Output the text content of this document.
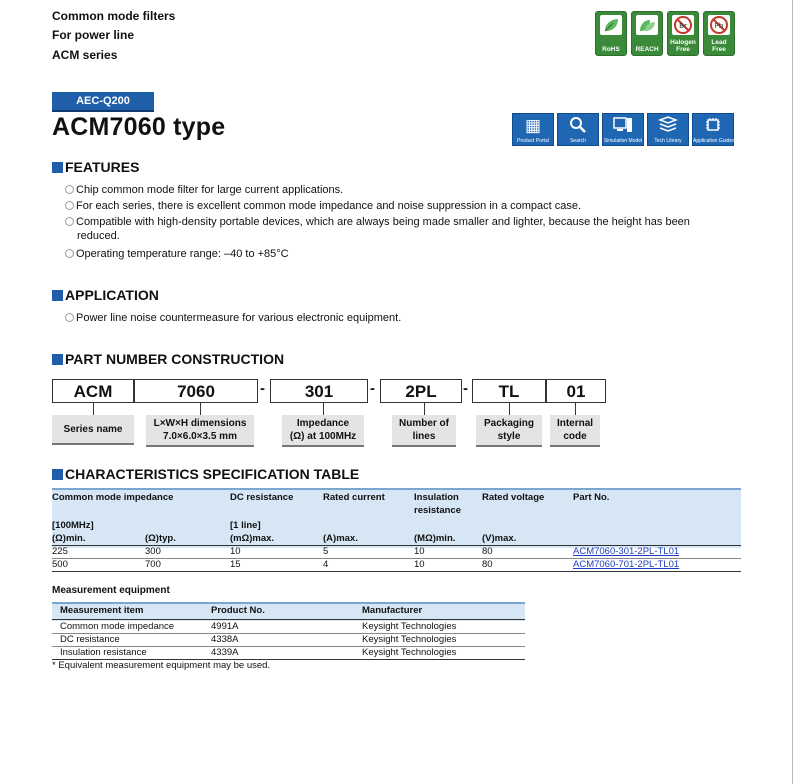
Common mode filters
For power line
ACM series	RoHS	REACH
Br
Halogen Free
Pb
Lead Free
AEC-Q200
ACM7060 type	▦
Product Portal	Search	Simulation Model	Tech Library	Application Guides
FEATURES
Chip common mode filter for large current applications.
For each series, there is excellent common mode impedance and noise suppression in a compact case.
Compatible with high-density portable devices, which are always being made smaller and lighter, because the height has been
reduced.
Operating temperature range: –40 to +85°C
APPLICATION
Power line noise countermeasure for various electronic equipment.
PART NUMBER CONSTRUCTION
ACM	7060	-	301	-	2PL	-	TL	01
Series name
L×W×H dimensions
7.0×6.0×3.5 mm
Impedance
(Ω) at 100MHz
Number of
lines
Packaging
style
Internal
code
CHARACTERISTICS SPECIFICATION TABLE
Common mode impedance	DC resistance	Rated current	Insulation
resistance
Rated voltage	Part No.
[100MHz]	[1 line]
(Ω)min.	(Ω)typ.	(mΩ)max.	(A)max.	(MΩ)min.	(V)max.
225	300	10	5	10	80	ACM7060-301-2PL-TL01
500	700	15	4	10	80	ACM7060-701-2PL-TL01
Measurement equipment
Measurement item	Product No.	Manufacturer
Common mode impedance	4991A	Keysight Technologies
DC resistance	4338A	Keysight Technologies
Insulation resistance	4339A	Keysight Technologies
* Equivalent measurement equipment may be used.
